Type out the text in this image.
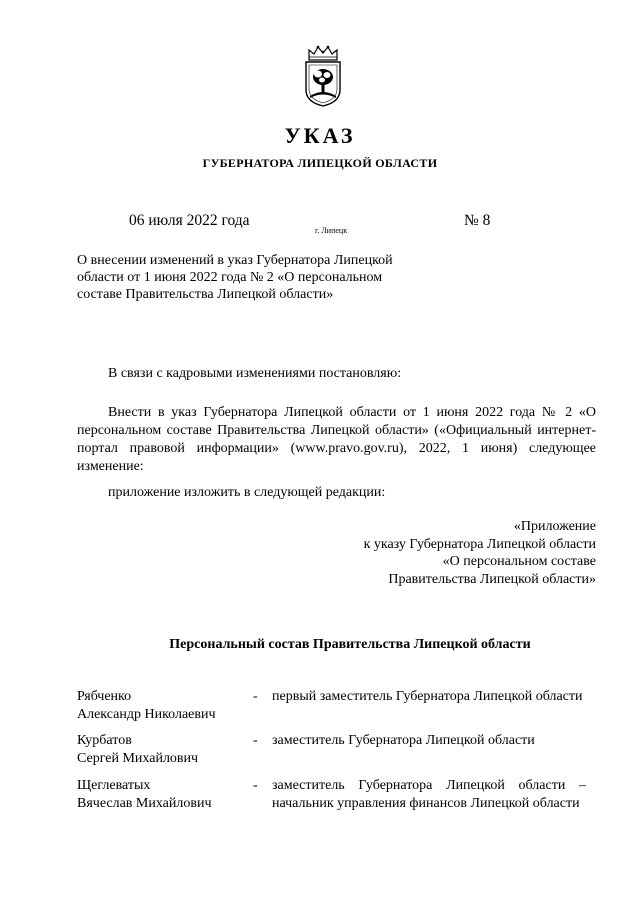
УКАЗ
ГУБЕРНАТОРА ЛИПЕЦКОЙ ОБЛАСТИ
06 июля 2022 года
г. Липецк
№ 8
О внесении изменений в указ Губернатора Липецкой
области от 1 июня 2022 года № 2 «О персональном
составе Правительства Липецкой области»
В связи с кадровыми изменениями постановляю:
Внести в указ Губернатора Липецкой области от 1 июня 2022 года № 2 «О персональном составе Правительства Липецкой области» («Официальный интернет-портал правовой информации» (www.pravo.gov.ru), 2022, 1 июня) следующее изменение:
приложение изложить в следующей редакции:
«Приложение
к указу Губернатора Липецкой области
«О персональном составе
Правительства Липецкой области»
Персональный состав Правительства Липецкой области
Рябченко
Александр Николаевич
- первый заместитель Губернатора Липецкой области
Курбатов
Сергей Михайлович
- заместитель Губернатора Липецкой области
Щеглеватых
Вячеслав Михайлович
- заместитель Губернатора Липецкой области – начальник управления финансов Липецкой области
